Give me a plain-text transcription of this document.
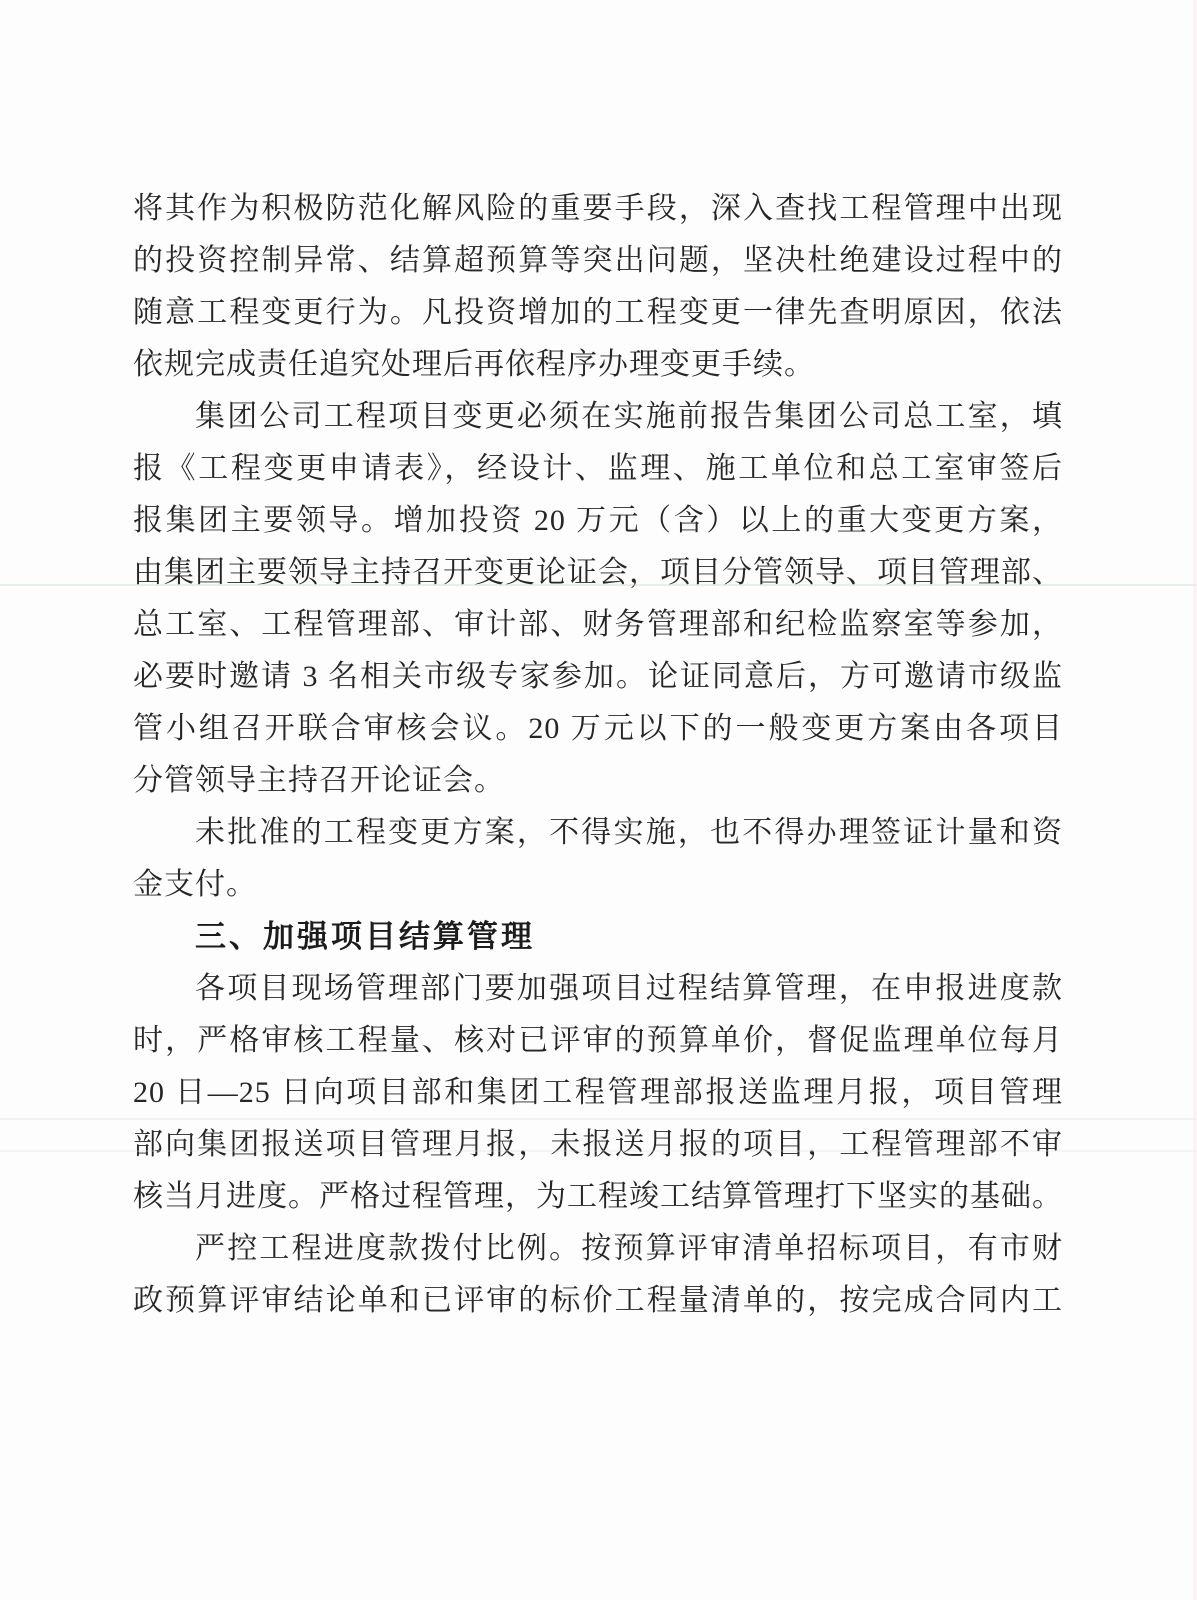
将其作为积极防范化解风险的重要手段，深入查找工程管理中出现
的投资控制异常、结算超预算等突出问题，坚决杜绝建设过程中的
随意工程变更行为。凡投资增加的工程变更一律先查明原因，依法
依规完成责任追究处理后再依程序办理变更手续。
集团公司工程项目变更必须在实施前报告集团公司总工室，填
报《工程变更申请表》，经设计、监理、施工单位和总工室审签后
报集团主要领导。增加投资 20 万元（含）以上的重大变更方案，
由集团主要领导主持召开变更论证会，项目分管领导、项目管理部、
总工室、工程管理部、审计部、财务管理部和纪检监察室等参加，
必要时邀请 3 名相关市级专家参加。论证同意后，方可邀请市级监
管小组召开联合审核会议。20 万元以下的一般变更方案由各项目
分管领导主持召开论证会。
未批准的工程变更方案，不得实施，也不得办理签证计量和资
金支付。
三、加强项目结算管理
各项目现场管理部门要加强项目过程结算管理，在申报进度款
时，严格审核工程量、核对已评审的预算单价，督促监理单位每月
20 日—25 日向项目部和集团工程管理部报送监理月报，项目管理
部向集团报送项目管理月报，未报送月报的项目，工程管理部不审
核当月进度。严格过程管理，为工程竣工结算管理打下坚实的基础。
严控工程进度款拨付比例。按预算评审清单招标项目，有市财
政预算评审结论单和已评审的标价工程量清单的，按完成合同内工
